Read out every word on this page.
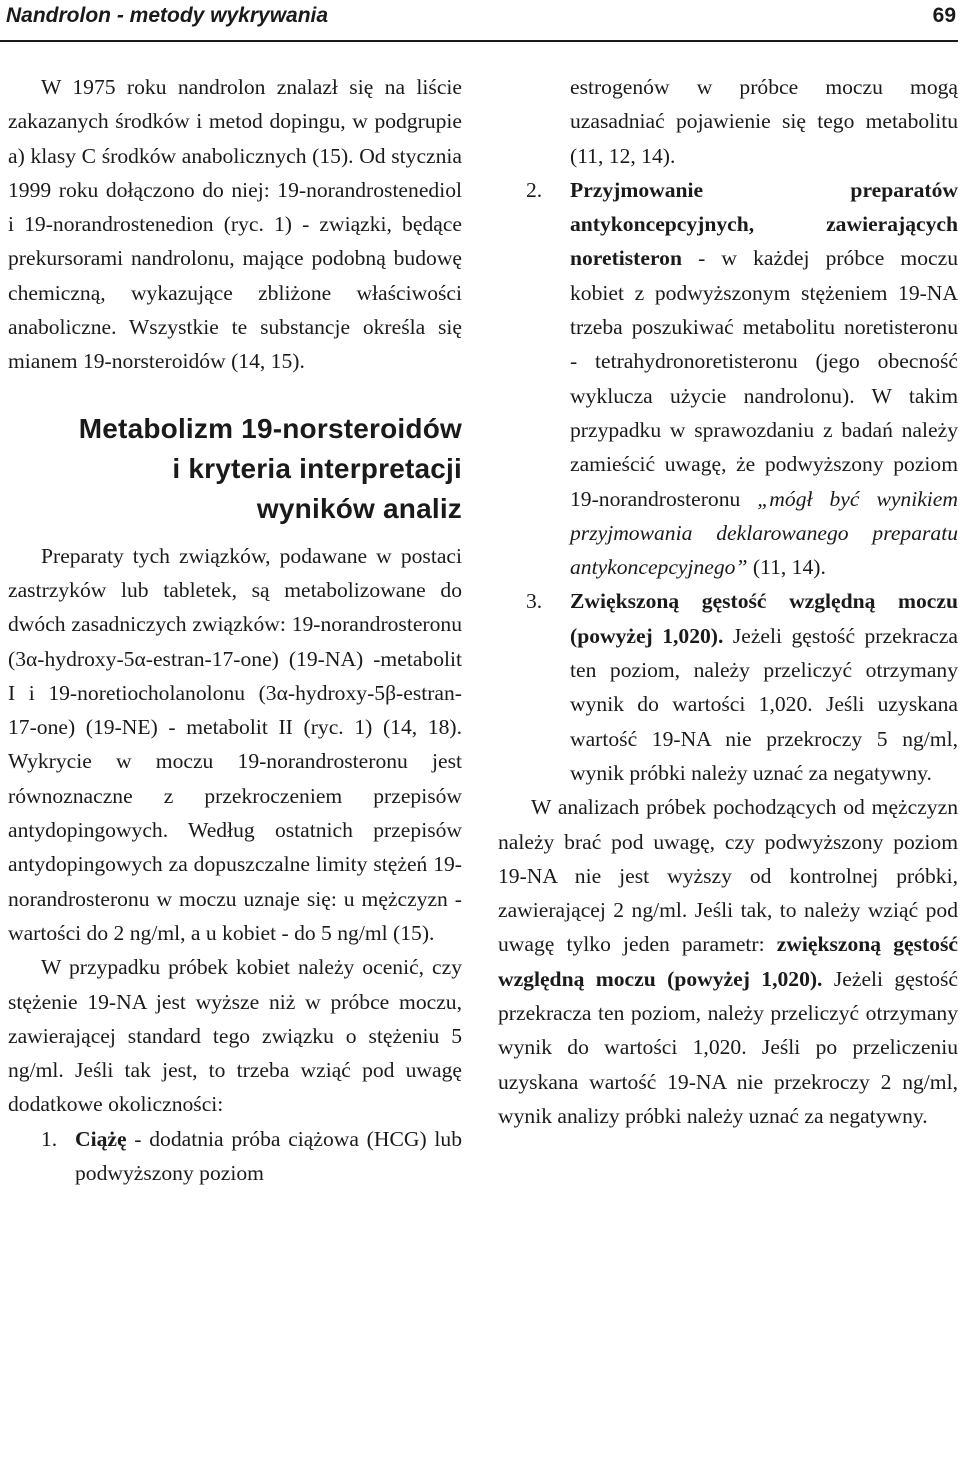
Nandrolon - metody wykrywania	69

W 1975 roku nandrolon znalazł się na liście zakazanych środków i metod dopingu, w podgrupie a) klasy C środków anabolicznych (15). Od stycznia 1999 roku dołączono do niej: 19-norandrostenediol i 19-norandrostenedion (ryc. 1) - związki, będące prekursorami nandrolonu, mające podobną budowę chemiczną, wykazujące zbliżone właściwości anaboliczne. Wszystkie te substancje określa się mianem 19-norsteroidów (14, 15).

Metabolizm 19-norsteroidów
i kryteria interpretacji
wyników analiz

Preparaty tych związków, podawane w postaci zastrzyków lub tabletek, są metabolizowane do dwóch zasadniczych związków: 19-norandrosteronu (3α-hydroxy-5α-estran-17-one) (19-NA) -metabolit I i 19-noretiocholanolonu (3α-hydroxy-5β-estran-17-one) (19-NE) - metabolit II (ryc. 1) (14, 18). Wykrycie w moczu 19-norandrosteronu jest równoznaczne z przekroczeniem przepisów antydopingowych. Według ostatnich przepisów antydopingowych za dopuszczalne limity stężeń 19-norandrosteronu w moczu uznaje się: u mężczyzn - wartości do 2 ng/ml, a u kobiet - do 5 ng/ml (15).

W przypadku próbek kobiet należy ocenić, czy stężenie 19-NA jest wyższe niż w próbce moczu, zawierającej standard tego związku o stężeniu 5 ng/ml. Jeśli tak jest, to trzeba wziąć pod uwagę dodatkowe okoliczności:

1. Ciążę - dodatnia próba ciążowa (HCG) lub podwyższony poziom

estrogenów w próbce moczu mogą uzasadniać pojawienie się tego metabolitu (11, 12, 14).

2. Przyjmowanie preparatów antykoncepcyjnych, zawierających noretisteron - w każdej próbce moczu kobiet z podwyższonym stężeniem 19-NA trzeba poszukiwać metabolitu noretisteronu - tetrahydronoretisteronu (jego obecność wyklucza użycie nandrolonu). W takim przypadku w sprawozdaniu z badań należy zamieścić uwagę, że podwyższony poziom 19-norandrosteronu „mógł być wynikiem przyjmowania deklarowanego preparatu antykoncepcyjnego” (11, 14).
3. Zwiększoną gęstość względną moczu (powyżej 1,020). Jeżeli gęstość przekracza ten poziom, należy przeliczyć otrzymany wynik do wartości 1,020. Jeśli uzyskana wartość 19-NA nie przekroczy 5 ng/ml, wynik próbki należy uznać za negatywny.

W analizach próbek pochodzących od mężczyzn należy brać pod uwagę, czy podwyższony poziom 19-NA nie jest wyższy od kontrolnej próbki, zawierającej 2 ng/ml. Jeśli tak, to należy wziąć pod uwagę tylko jeden parametr: zwiększoną gęstość względną moczu (powyżej 1,020). Jeżeli gęstość przekracza ten poziom, należy przeliczyć otrzymany wynik do wartości 1,020. Jeśli po przeliczeniu uzyskana wartość 19-NA nie przekroczy 2 ng/ml, wynik analizy próbki należy uznać za negatywny.
